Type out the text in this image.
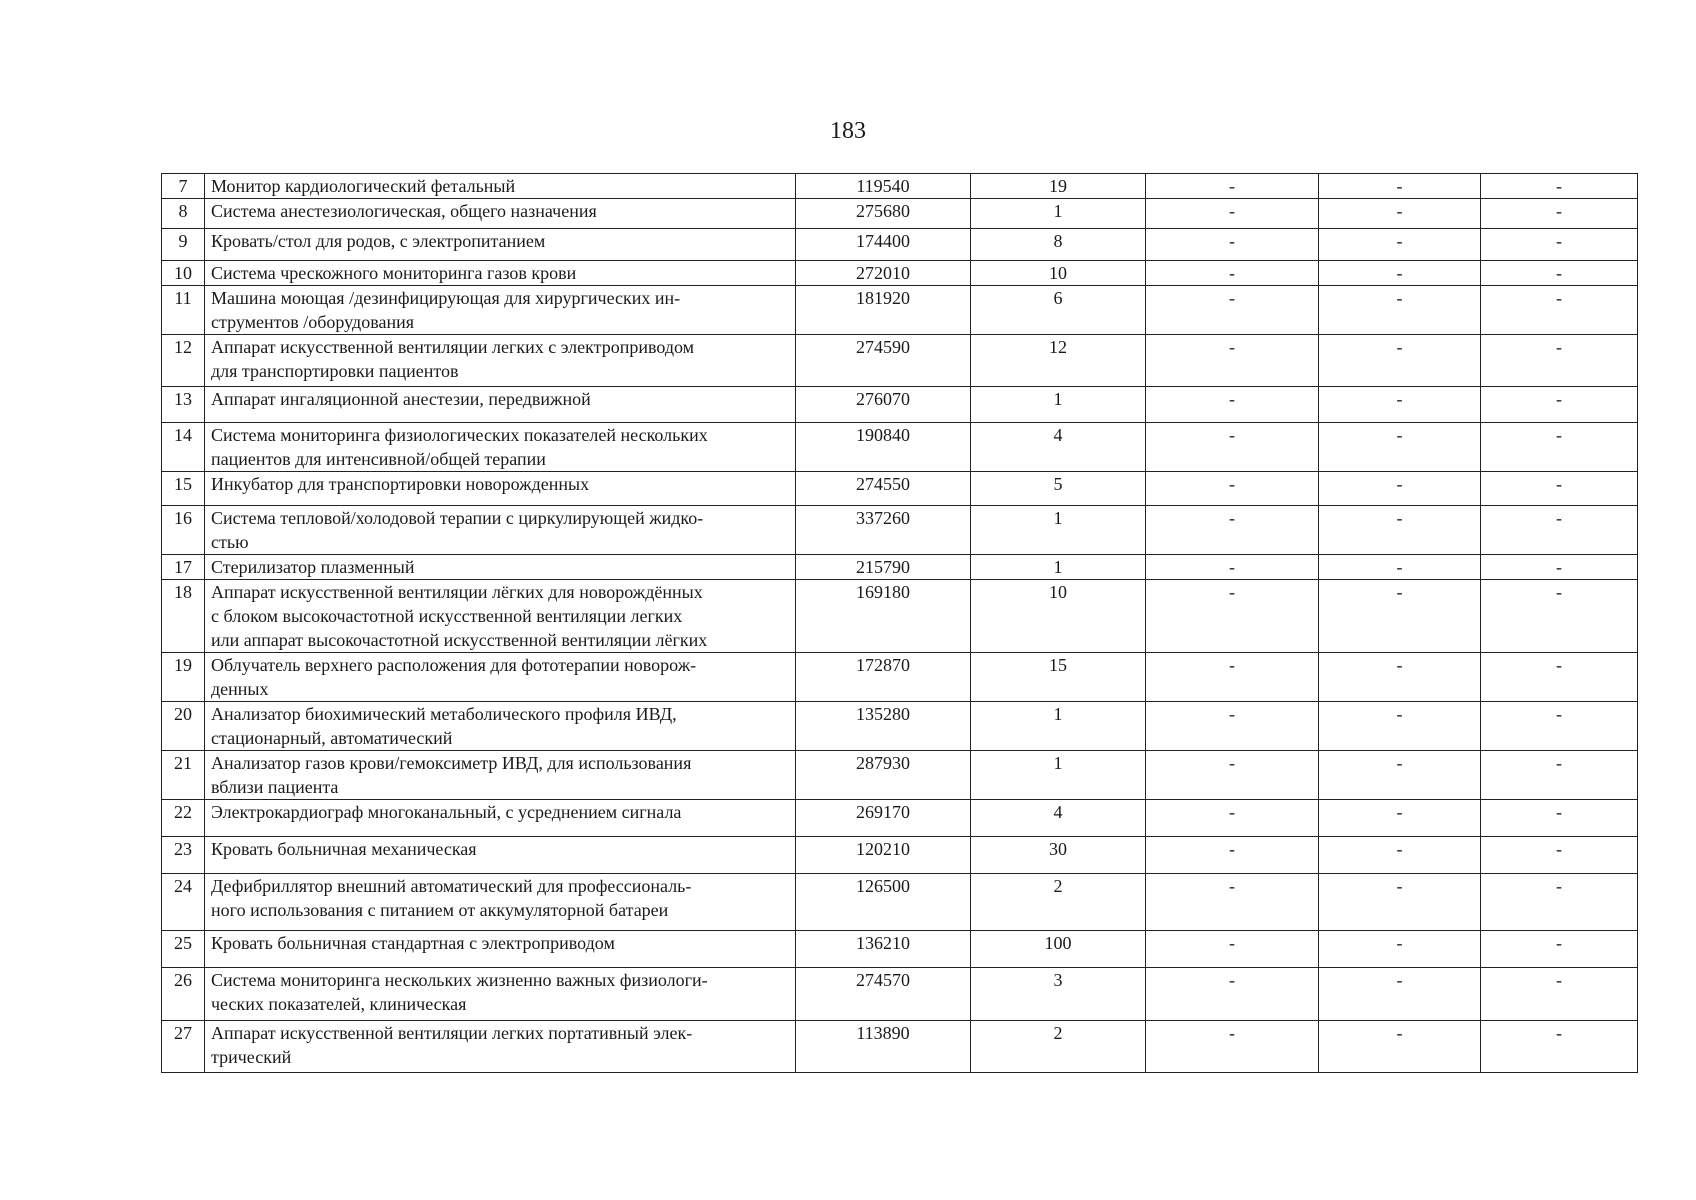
183
7	Монитор кардиологический фетальный	119540	19	-	-	-
8	Система анестезиологическая, общего назначения	275680	1	-	-	-
9	Кровать/стол для родов, с электропитанием	174400	8	-	-	-
10	Система чрескожного мониторинга газов крови	272010	10	-	-	-
11	Машина моющая /дезинфицирующая для хирургических ин-
струментов /оборудования	181920	6	-	-	-
12	Аппарат искусственной вентиляции легких с электроприводом
для транспортировки пациентов	274590	12	-	-	-
13	Аппарат ингаляционной анестезии, передвижной	276070	1	-	-	-
14	Система мониторинга физиологических показателей нескольких
пациентов для интенсивной/общей терапии	190840	4	-	-	-
15	Инкубатор для транспортировки новорожденных	274550	5	-	-	-
16	Система тепловой/холодовой терапии с циркулирующей жидко-
стью	337260	1	-	-	-
17	Стерилизатор плазменный	215790	1	-	-	-
18	Аппарат искусственной вентиляции лёгких для новорождённых
с блоком высокочастотной искусственной вентиляции легких
или аппарат высокочастотной искусственной вентиляции лёгких	169180	10	-	-	-
19	Облучатель верхнего расположения для фототерапии новорож-
денных	172870	15	-	-	-
20	Анализатор биохимический метаболического профиля ИВД,
стационарный, автоматический	135280	1	-	-	-
21	Анализатор газов крови/гемоксиметр ИВД, для использования
вблизи пациента	287930	1	-	-	-
22	Электрокардиограф многоканальный, с усреднением сигнала	269170	4	-	-	-
23	Кровать больничная механическая	120210	30	-	-	-
24	Дефибриллятор внешний автоматический для профессиональ-
ного использования с питанием от аккумуляторной батареи	126500	2	-	-	-
25	Кровать больничная стандартная с электроприводом	136210	100	-	-	-
26	Система мониторинга нескольких жизненно важных физиологи-
ческих показателей, клиническая	274570	3	-	-	-
27	Аппарат искусственной вентиляции легких портативный элек-
трический	113890	2	-	-	-
